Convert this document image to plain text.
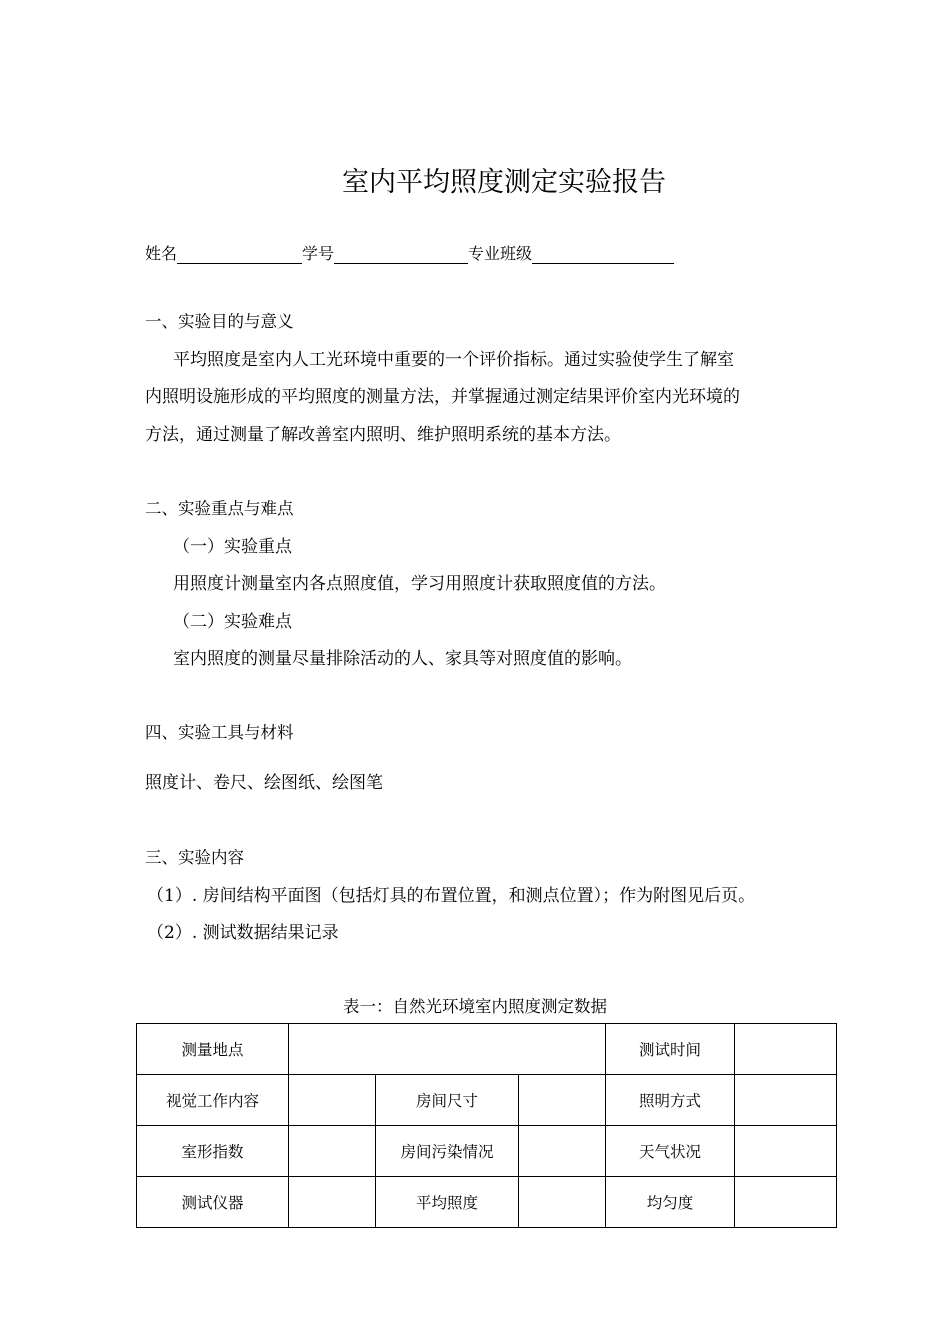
室内平均照度测定实验报告
姓名	学号	专业班级
一、实验目的与意义
平均照度是室内人工光环境中重要的一个评价指标。通过实验使学生了解室
内照明设施形成的平均照度的测量方法，并掌握通过测定结果评价室内光环境的
方法，通过测量了解改善室内照明、维护照明系统的基本方法。
二、实验重点与难点
（一）实验重点
用照度计测量室内各点照度值，学习用照度计获取照度值的方法。
（二）实验难点
室内照度的测量尽量排除活动的人、家具等对照度值的影响。
四、实验工具与材料
照度计、卷尺、绘图纸、绘图笔
三、实验内容
（1）. 房间结构平面图（包括灯具的布置位置，和测点位置）；作为附图见后页。
（2）. 测试数据结果记录
表一：自然光环境室内照度测定数据
测量地点				测试时间	
视觉工作内容		房间尺寸		照明方式	
室形指数		房间污染情况		天气状况	
测试仪器		平均照度		均匀度	
